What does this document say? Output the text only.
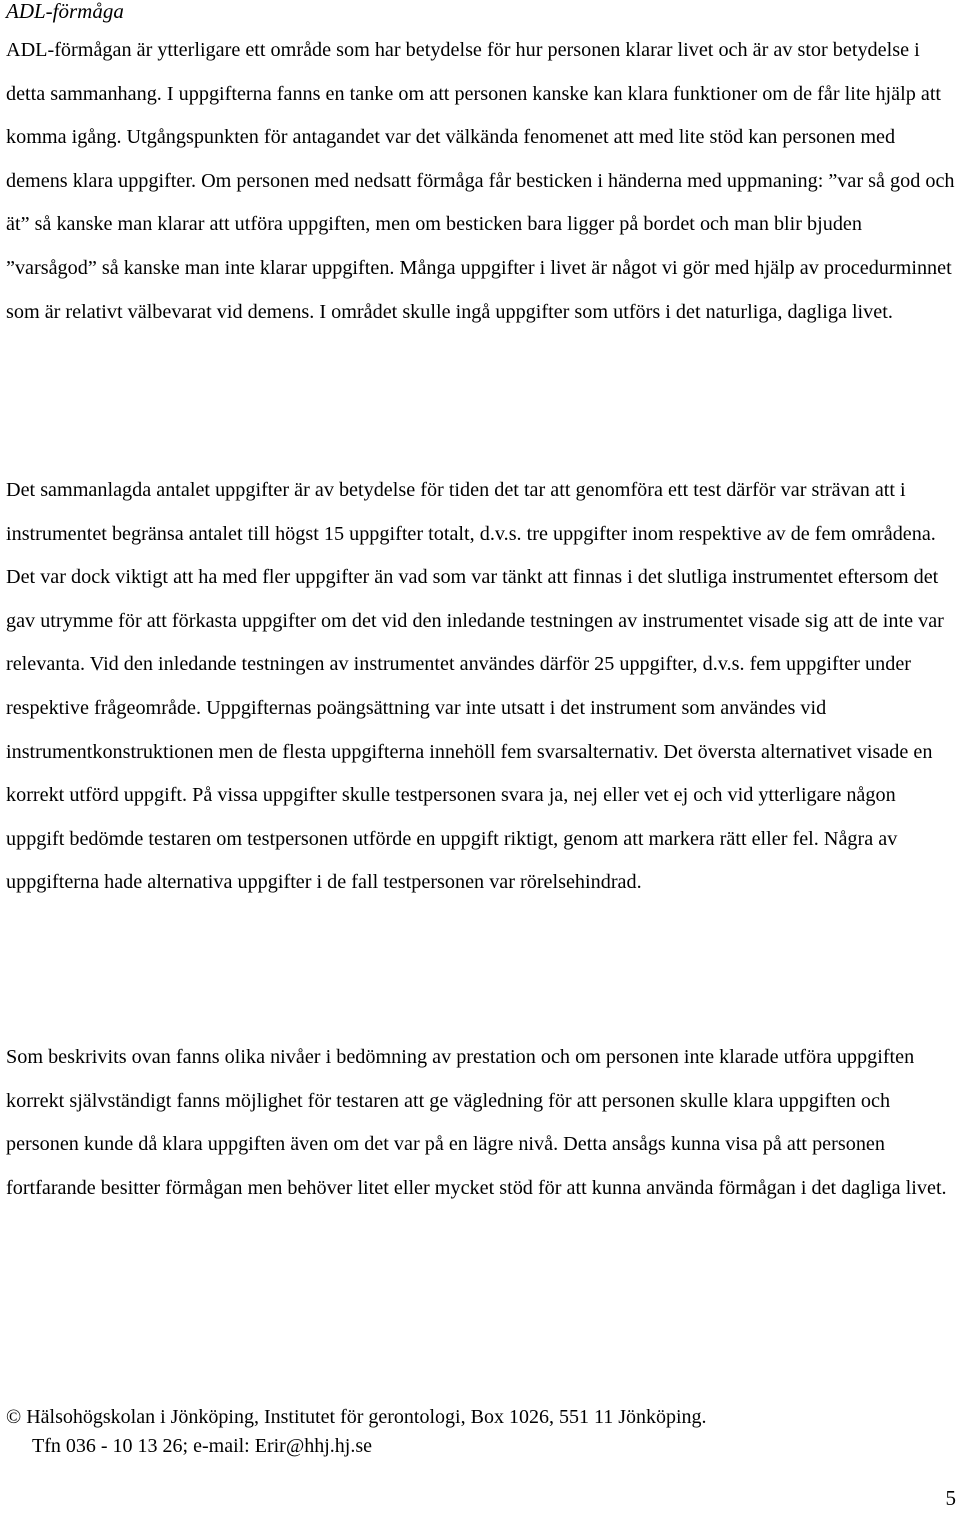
ADL-förmåga

ADL-förmågan är ytterligare ett område som har betydelse för hur personen klarar livet och är av stor betydelse i detta sammanhang. I uppgifterna fanns en tanke om att personen kanske kan klara funktioner om de får lite hjälp att komma igång. Utgångspunkten för antagandet var det välkända fenomenet att med lite stöd kan personen med demens klara uppgifter. Om personen med nedsatt förmåga får besticken i händerna med uppmaning: ”var så god och ät” så kanske man klarar att utföra uppgiften, men om besticken bara ligger på bordet och man blir bjuden ”varsågod” så kanske man inte klarar uppgiften. Många uppgifter i livet är något vi gör med hjälp av procedurminnet som är relativt välbevarat vid demens. I området skulle ingå uppgifter som utförs i det naturliga, dagliga livet.

Det sammanlagda antalet uppgifter är av betydelse för tiden det tar att genomföra ett test därför var strävan att i instrumentet begränsa antalet till högst 15 uppgifter totalt, d.v.s. tre uppgifter inom respektive av de fem områdena. Det var dock viktigt att ha med fler uppgifter än vad som var tänkt att finnas i det slutliga instrumentet eftersom det gav utrymme för att förkasta uppgifter om det vid den inledande testningen av instrumentet visade sig att de inte var relevanta. Vid den inledande testningen av instrumentet användes därför 25 uppgifter, d.v.s. fem uppgifter under respektive frågeområde. Uppgifternas poängsättning var inte utsatt i det instrument som användes vid instrumentkonstruktionen men de flesta uppgifterna innehöll fem svarsalternativ. Det översta alternativet visade en korrekt utförd uppgift. På vissa uppgifter skulle testpersonen svara ja, nej eller vet ej och vid ytterligare någon uppgift bedömde testaren om testpersonen utförde en uppgift riktigt, genom att markera rätt eller fel. Några av uppgifterna hade alternativa uppgifter i de fall testpersonen var rörelsehindrad.

Som beskrivits ovan fanns olika nivåer i bedömning av prestation och om personen inte klarade utföra uppgiften korrekt självständigt fanns möjlighet för testaren att ge vägledning för att personen skulle klara uppgiften och personen kunde då klara uppgiften även om det var på en lägre nivå. Detta ansågs kunna visa på att personen fortfarande besitter förmågan men behöver litet eller mycket stöd för att kunna använda förmågan i det dagliga livet.

© Hälsohögskolan i Jönköping, Institutet för gerontologi, Box 1026, 551 11 Jönköping.
Tfn 036 - 10 13 26; e-mail: Erir@hhj.hj.se
5
